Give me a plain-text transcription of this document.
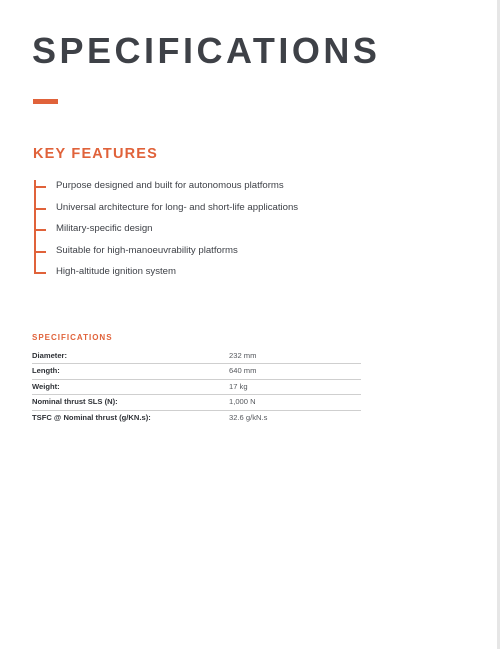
SPECIFICATIONS
KEY FEATURES
Purpose designed and built for autonomous platforms
Universal architecture for long- and short-life applications
Military-specific design
Suitable for high-manoeuvrability platforms
High-altitude ignition system
SPECIFICATIONS
Diameter:	232 mm
Length:	640 mm
Weight:	17 kg
Nominal thrust SLS (N):	1,000 N
TSFC @ Nominal thrust (g/KN.s):	32.6 g/kN.s
